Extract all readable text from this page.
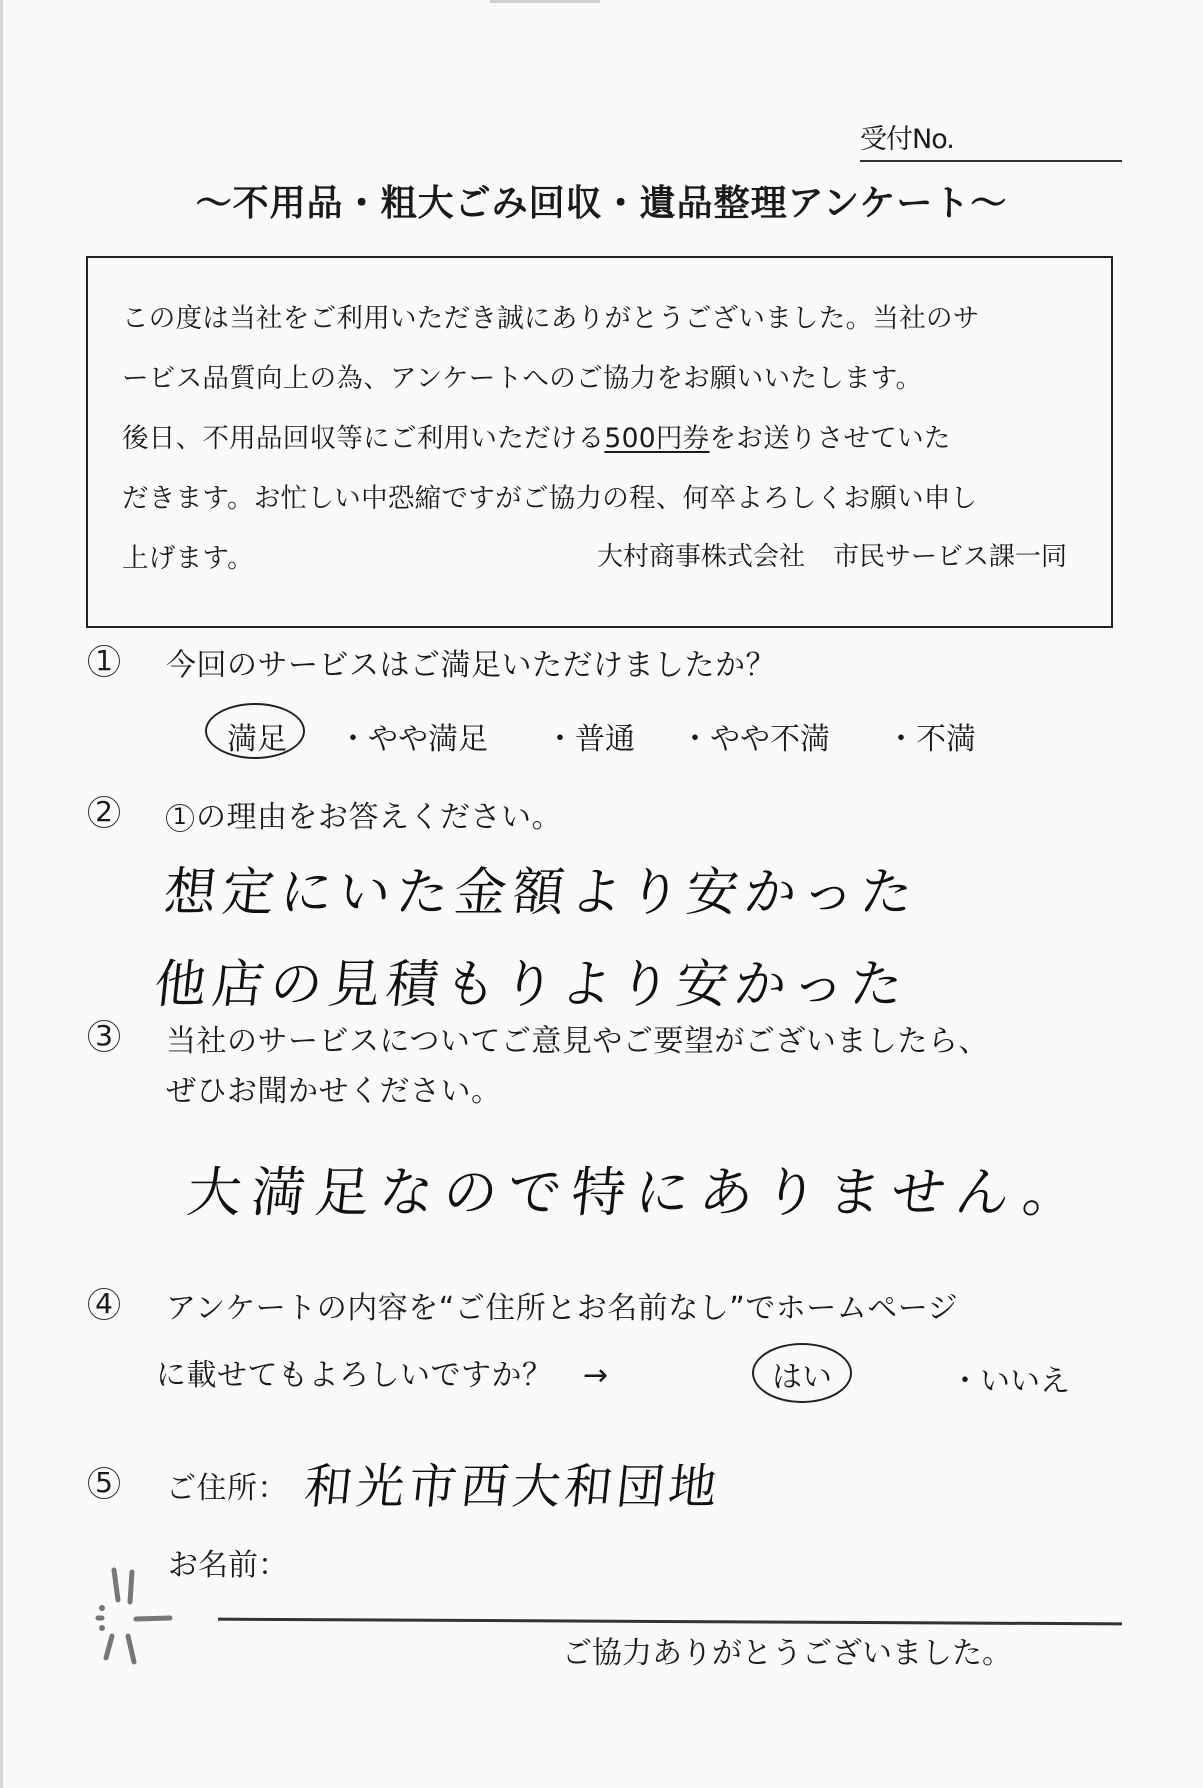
受付No.
〜不用品・粗大ごみ回収・遺品整理アンケート〜
この度は当社をご利用いただき誠にありがとうございました。当社のサ
ービス品質向上の為、アンケートへのご協力をお願いいたします。
後日、不用品回収等にご利用いただける500円券をお送りさせていた
だきます。お忙しい中恐縮ですがご協力の程、何卒よろしくお願い申し
上げます。	大村商事株式会社 市民サービス課一同
1 今回のサービスはご満足いただけましたか？
満足 ・やや満足 ・普通 ・やや不満 ・不満
2	1 の理由をお答えください。
想定にいた金額より安かった
他店の見積もりより安かった
3 当社のサービスについてご意見やご要望がございましたら、
ぜひお聞かせください。
大満足なので特にありません。
4 アンケートの内容を“ご住所とお名前なし”でホームページ
に載せてもよろしいですか？　→	はい	・いいえ
5 ご住所： 和光市西大和団地
お名前：
ご協力ありがとうございました。
